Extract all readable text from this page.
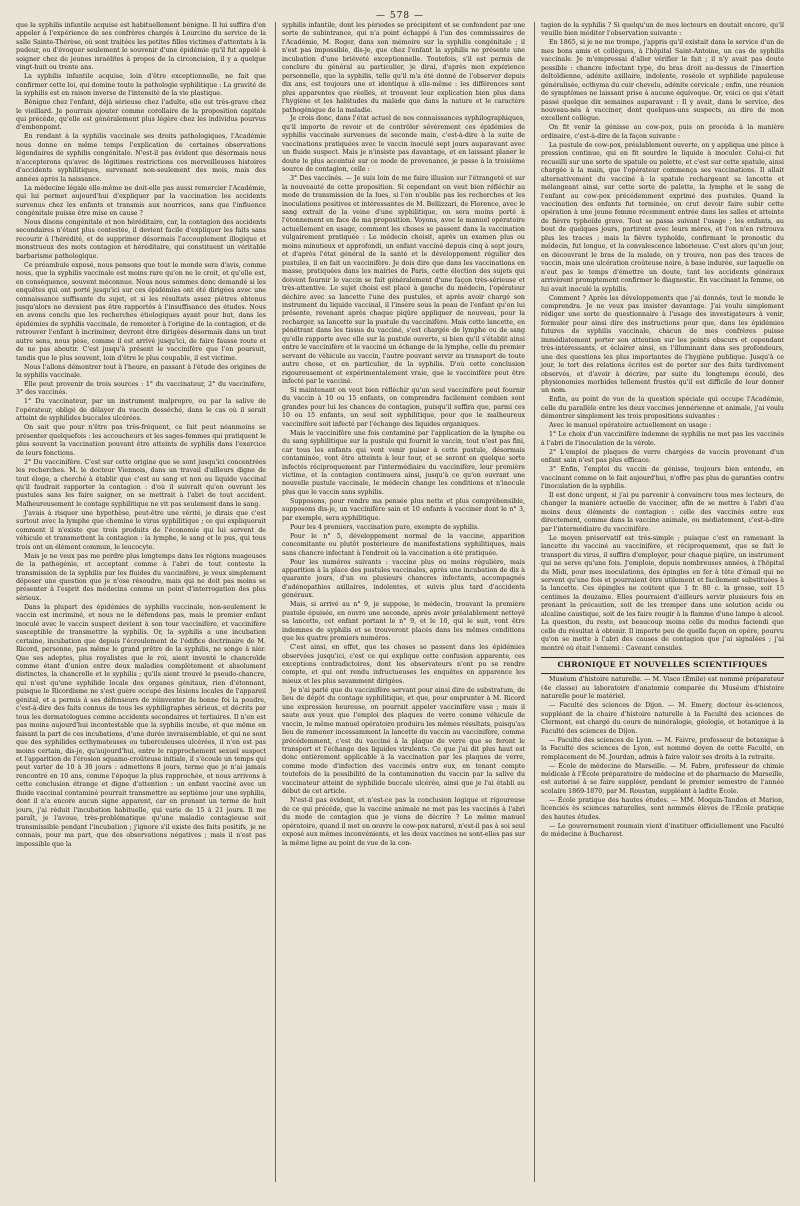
— 578 —

que la syphilis infantile acquise est habituellement bénigne. Il lui suffira d'en appeler à l'expérience de ses confrères chargés à Lourcine du service de la salle Sainte-Thérèse, où sont traitées les petites filles victimes d'attentats à la pudeur, ou d'évoquer seulement le souvenir d'une épidémie qu'il fut appelé à soigner chez de jeunes israélites à propos de la circoncision, il y a quelque vingt-huit ou trente ans.

La syphilis infantile acquise, loin d'être exceptionnelle, ne fait que confirmer cette loi, qui domine toute la pathologie syphilitique : La gravité de la syphilis est en raison inverse de l'intensité de la vie plastique.

Bénigne chez l'enfant, déjà sérieuse chez l'adulte, elle est très-grave chez le vieillard. Je pourrais ajouter comme corollaire de la proposition capitale qui précède, qu'elle est généralement plus légère chez les individus pourvus d'embonpoint.

En rendant à la syphilis vaccinale ses droits pathologiques, l'Académie nous donne en même temps l'explication de certaines observations légendaires de syphilis congénitale. N'est-il pas évident que désormais nous n'accepterons qu'avec de légitimes restrictions ces merveilleuses histoires d'accidents syphilitiques, survenant non-seulement des mois, mais des années après la naissance.

La médecine légale elle-même ne doit-elle pas aussi remercier l'Académie, qui lui permet aujourd'hui d'expliquer par la vaccination les accidents survenus chez les enfants et transmis aux nourrices, sans que l'influence congénitale puisse être mise en cause ?

Nous disons congénitale et non héréditaire, car, la contagion des accidents secondaires n'étant plus contestée, il devient facile d'expliquer les faits sans recourir à l'hérédité, et de supprimer désormais l'accouplement illogique et monstrueux des mots contagion et héréditaire, qui constituent un véritable barbarisme pathologique.

Ce préambule exposé, nous pensons que tout le monde sera d'avis, comme nous, que la syphilis vaccinale est moins rare qu'on ne le croit, et qu'elle est, en conséquence, souvent méconnue. Nous nous sommes donc demandé si les enquêtes qui ont porté jusqu'ici sur ces épidémies ont été dirigées avec une connaissance suffisante du sujet, et si les résultats assez piètres obtenus jusqu'alors ne devaient pas être rapportés à l'insuffisance des études. Nous en avons conclu que les recherches étiologiques ayant pour but, dans les épidémies de syphilis vaccinale, de remonter à l'origine de la contagion, et de retrouver l'enfant à incriminer, devront être dirigées désormais dans un tout autre sens, nous pèse, comme il est arrivé jusqu'ici, de faire fausse route et de ne pas aboutir. C'est jusqu'à présent le vaccinifère que l'on poursuit, tandis que le plus souvent, loin d'être le plus coupable, il est victime.

Nous l'allons démontrer tout à l'heure, en passant à l'étude des origines de la syphilis vaccinale.

Elle peut provenir de trois sources : 1° du vaccinateur, 2° du vaccinifère, 3° des vaccinés.

1° Du vaccinateur, par un instrument malpropre, ou par la salive de l'opérateur, obligé de délayer du vaccin desséché, dans le cas où il serait atteint de syphilides buccales ulcérées.

On sait que pour n'être pas très-fréquent, ce fait peut néanmoins se présenter quelquefois : les accoucheurs et les sages-femmes qui pratiquent le plus souvent la vaccination pouvant être atteints de syphilis dans l'exercice de leurs fonctions.

2° Du vaccinifère. C'est sur cette origine que se sont jusqu'ici concentrées les recherches. M. le docteur Viennois, dans un travail d'ailleurs digne de tout éloge, a cherché à établir que c'est au sang et non au liquide vaccinal qu'il faudrait rapporter la contagion : d'où il suivrait qu'en ouvrant les pustules sans les faire saigner, on se mettrait à l'abri de tout accident. Malheureusement le contage syphilitique ne vit pas seulement dans le sang.

J'avais à risquer une hypothèse, peut-être une vérité, je dirais que c'est surtout avec la lymphe que chemine le virus syphilitique ; ce qui expliquerait comment il n'existe que trois produits de l'économie qui lui servent de véhicule et transmettent la contagion : la lymphe, le sang et le pus, qui tous trois ont un élément commun, le leucocyte.

Mais je ne veux pas me perdre plus longtemps dans les régions nuageuses de la pathogénie, et acceptant comme à l'abri de tout conteste la transmission de la syphilis par les fluides du vaccinifère, je veux simplement déposer une question que je n'ose résoudre, mais qui ne doit pas moins se présenter à l'esprit des médecins comme un point d'interrogation des plus sérieux.

Dans la plupart des épidémies de syphilis vaccinale, non-seulement le vaccin est incriminé, et nous ne le défendons pas, mais le premier enfant inoculé avec le vaccin suspect devient à son tour vaccinifère, et vaccinifère susceptible de transmettre la syphilis. Or, la syphilis a une incubation certaine, incubation que depuis l'écroulement de l'édifice doctrinaire de M. Ricord, personne, pas même le grand prêtre de la syphilis, ne songe à nier. Que ses adeptes, plus royalistes que le roi, aient inventé le chancroïde comme étant d'union entre deux maladies complètement et absolument distinctes, la chancrelle et le syphilis ; qu'ils aient trouvé le pseudo-chancre, qui n'est qu'une syphilide locale des organes génitaux, rien d'étonnant, puisque le Ricordisme ne s'est guère occupé des lésions locales de l'appareil génital, et a permis à ses défenseurs de réinventer de bonne foi la poudre, c'est-à-dire des faits connus de tous les syphiligraphes sérieux, et décrits par tous les dermatologues comme accidents secondaires et tertiaires. Il n'en est pas moins aujourd'hui incontestable que la syphilis incube, et que même en faisant la part de ces incubations, d'une durée invraisemblable, et qui ne sont que des syphilides ecthymateuses ou tuberculeuses ulcérées, il n'en est pas moins certain, dis-je, qu'aujourd'hui, entre le rapprochement sexuel suspect et l'apparition de l'érosion squamo-croûteuse initiale, il s'écoule un temps qui peut varier de 10 à 30 jours : admettons 8 jours, terme que je n'ai jamais rencontré en 10 ans, comme l'époque la plus rapprochée, et nous arrivons à cette conclusion étrange et digne d'attention : un enfant vacciné avec un fluide vaccinal contaminé pourrait transmettre au septième jour une syphilis, dont il n'a encore aucun signe apparent, car en prenant un terme de huit jours, j'ai réduit l'incubation habituelle, qui varie de 15 à 21 jours. Il me paraît, je l'avoue, très-problématique qu'une maladie contagieuse soit transmissible pendant l'incubation ; j'ignore s'il existe des faits positifs, je ne connais, pour ma part, que des observations négatives ; mais il n'est pas impossible que la

syphilis infantile, dont les périodes se précipitent et se confondent par une sorte de subintrance, qui n'a point échappé à l'un des commissaires de l'Académie, M. Roger, dans son mémoire sur la syphilis congénitale ; il n'est pas impossible, dis-je, que chez l'enfant la syphilis ne présente une incubation d'une brièveté exceptionnelle. Toutefois, s'il est permis de conclure du général au particulier, je dirai, d'après mon expérience personnelle, que la syphilis, telle qu'il m'a été donné de l'observer depuis dix ans, est toujours une et identique à elle-même : les différences sont plus apparentes que réelles, et trouvent leur explication bien plus dans l'hygiène et les habitudes du malade que dans la nature et le caractère pathogénique de la maladie.

Je crois donc, dans l'état actuel de nos connaissances syphilographiques, qu'il importe de revoir et de contrôler sévèrement ces épidémies de syphilis vaccinale survenues de seconde main, c'est-à-dire à la suite de vaccinations pratiquées avec le vaccin inoculé sept jours auparavant avec un fluide suspect. Mais je n'insiste pas davantage, et en laissant planer le doute le plus accentué sur ce mode de provenance, je passe à la troisième source de contagion, celle :

3° Des vaccinés. — Je suis loin de me faire illusion sur l'étrangeté et sur la nouveauté de cette proposition. Si cependant on veut bien réfléchir au mode de transmission de la lues, si l'on n'oublie pas les recherches et les inoculations positives et intéressantes de M. Bellizzari, de Florence, avec le sang extrait de la veine d'une syphilitique, on sera moins porté à l'étonnement en face de ma proposition. Voyons, avec le manuel opératoire actuellement en usage, comment les choses se passent dans la vaccination vulgairement pratiquée : Le médecin choisit, après un examen plus ou moins minutieux et approfondi, un enfant vacciné depuis cinq à sept jours, et d'après l'état général de la santé et le développement régulier des pustules, il en fait un vaccinifère. Je dois dire que dans les vaccinations en masse, pratiquées dans les mairies de Paris, cette élection des sujets qui doivent fournir le vaccin se fait généralement d'une façon très-sérieuse et très-attentive. Le sujet choisi est placé à gauche du médecin, l'opérateur déchire avec sa lancette l'une des pustules, et après avoir chargé son instrument du liquide vaccinal, il l'insère sous la peau de l'enfant qu'on lui présente, revenant après chaque piqûre appliquer de nouveau, pour la recharger, sa lancette sur la pustule du vaccinifère. Mais cette lancette, en pénétrant dans les tissus du vacciné, s'est chargée de lymphe ou de sang qu'elle rapporte avec elle sur la pustule ouverte, si bien qu'il s'établit ainsi entre le vaccinifère et le vacciné un échange de la lymphe, celle du premier servant de véhicule au vaccin, l'autre pouvant servir au transport de toute autre chose, et en particulier, de la syphilis. D'où cette conclusion rigoureusement et expérimentalement vraie, que le vaccinifère peut être infecté par le vacciné.

Si maintenant on veut bien réfléchir qu'un seul vaccinifère peut fournir du vaccin à 10 ou 15 enfants, on comprendra facilement combien sont grandes pour lui les chances de contagion, puisqu'il suffira que, parmi ces 10 ou 15 enfants, un seul soit syphilitique, pour que le malheureux vaccinifère soit infecté par l'échange des liquides organiques.

Mais le vaccinifère une fois contaminé par l'application de la lymphe ou du sang syphilitique sur la pustule qui fournit le vaccin, tout n'est pas fini, car tous les enfants qui vont venir puiser à cette pustule, désormais contaminée, vont être atteints à leur tour, et se seront en quelque sorte infectés réciproquement par l'intermédiaire du vaccinifère, leur première victime, et la contagion continuera ainsi, jusqu'à ce qu'on ouvrant une nouvelle pustule vaccinale, le médecin change les conditions et n'inocule plus que le vaccin sans syphilis.

Supposons, pour rendre ma pensée plus nette et plus compréhensible, supposons dis-je, un vaccinifère sain et 10 enfants à vacciner dont le n° 3, par exemple, sera syphilitique.

Pour les 4 premiers, vaccination pure, exempte de syphilis.

Pour le n° 5, développement normal de la vaccine, apparition concomitante ou plutôt postérieure de manifestations syphilitiques, mais sans chancre infectant à l'endroit où la vaccination a été pratiquée.

Pour les numéros suivants : vaccine plus ou moins régulière, mais apparition à la place des pustules vaccinales, après une incubation de dix à quarante jours, d'un ou plusieurs chancres infectants, accompagnés d'adénopathies axillaires, indolentes, et suivis plus tard d'accidents généraux.

Mais, si arrivé au n° 9, je suppose, le médecin, trouvant la première pustule épuisée, en ouvre une seconde, après avoir préalablement nettoyé sa lancette, cet enfant portant le n° 9, et le 10, qui le suit, vont être indemnes de syphilis et se trouveront placés dans les mêmes conditions que les quatre premiers numéros.

C'est ainsi, en effet, que les choses se passent dans les épidémies observées jusqu'ici, c'est ce qui explique cette confusion apparente, ces exceptions contradictoires, dont les observateurs n'ont pu se rendre compte, et qui ont rendu infructueuses les enquêtes en apparence les mieux et les plus savamment dirigées.

Je n'ai parlé que du vaccinifère servant pour ainsi dire de substratum, de lieu de dépôt du contage syphilitique, et que, pour emprunter à M. Ricord une expression heureuse, on pourrait appeler vaccinifère vase ; mais il saute aux yeux que l'emploi des plaques de verre comme véhicule de vaccin, le même manuel opératoire produira les mêmes résultats, puisqu'au lieu de ramener incessamment la lancette du vaccin au vaccinifère, comme précédemment, c'est du vacciné à la plaque de verre que se feront le transport et l'échange des liquides virulents. Ce que j'ai dit plus haut est donc entièrement applicable à la vaccination par les plaques de verre, comme mode d'infection des vaccinés entre eux, en tenant compte toutefois de la possibilité de la contamination du vaccin par la salive du vaccinateur atteint de syphilide buccale ulcérée, ainsi que je l'ai établi au début de cet article.

N'est-il pas évident, et n'est-ce pas la conclusion logique et rigoureuse de ce qui précède, que la vaccine animale ne met pas les vaccinés à l'abri du mode de contagion que je viens de décrire ? Le même manuel opératoire, quand il met en œuvre le cow-pox naturel, n'est-il pas à soi seul exposé aux mêmes inconvénients, et les deux vaccines ne sont-elles pas sur la même ligne au point de vue de la con-

tagion de la syphilis ? Si quelqu'un de mes lecteurs en doutait encore, qu'il veuille bien méditer l'observation suivante :

En 1865, si je ne me trompe, j'appris qu'il existait dans le service d'un de mes bons amis et collègues, à l'hôpital Saint-Antoine, un cas de syphilis vaccinale. Je m'empressai d'aller vérifier le fait ; il n'y avait pas doute possible : chancre infectant type, du bras droit au-dessus de l'insertion deltoïdienne, adénite axillaire, indolente, roséole et syphilide papuleuse généralisée, ecthyma du cuir chevelu, adénite cervicale ; enfin, une réunion de symptômes ne laissant prise à aucune équivoque. Or, voici ce qui s'était passé quelque dix semaines auparavant : Il y avait, dans le service, des nouveau-nés à vacciner, dont quelques-uns suspects, au dire de mon excellent collègue.

On fit venir la génisse au cow-pox, puis on procéda à la manière ordinaire, c'est-à-dire de la façon suivante :

La pustule de cow-pox, préalablement ouverte, on y appliqua une pince à pression continue, qui en fit sourdre le liquide à inoculer. Celui-ci fut recueilli sur une sorte de spatule ou palette, et c'est sur cette spatule, ainsi chargée à la main, que l'opérateur commença ses vaccinations. Il allait alternativement du vacciné à la spatule rechargeant sa lancette et mélangeant ainsi, sur cette sorte de palette, la lymphe et le sang de l'enfant au cow-pox précédemment exprimé des pustules. Quand la vaccination des enfants fut terminée, on crut devoir faire subir cette opération à une jeune femme récemment entrée dans les salles et atteinte de fièvre typhoïde grave. Tout se passa suivant l'usage ; les enfants, au bout de quelques jours, partirent avec leurs mères, et l'on n'en retrouva plus les traces ; mais la fièvre typhoïde, confirmant le pronostic du médecin, fut longue, et la convalescence laborieuse. C'est alors qu'un jour, en découvrant le bras de la malade, on y trouva, non pas des traces de vaccin, mais une ulcération croûteuse noire, à base indurée, sur laquelle on n'eut pas le temps d'émettre un doute, tant les accidents généraux arrivèrent promptement confirmer le diagnostic. En vaccinant la femme, on lui avait inoculé la syphilis.

Comment ? Après les développements que j'ai donnés, tout le monde le comprendra. Je ne veux pas insister davantage. J'ai voulu simplement rédiger une sorte de questionnaire à l'usage des investigateurs à venir, formuler pour ainsi dire des instructions pour que, dans les épidémies futures de syphilis vaccinale, chacun de mes confrères puisse immédiatement porter son attention sur les points obscurs et cependant très-intéressants, et éclairer ainsi, en l'illuminant dans ses profondeurs, une des questions les plus importantes de l'hygiène publique. Jusqu'à ce jour, le tort des relations écrites est de porter sur des faits tardivement observés, et d'avoir à décrire, par suite du longtemps écoulé, des physionomies morbides tellement frustes qu'il est difficile de leur donner un nom.

Enfin, au point de vue de la question spéciale qui occupe l'Académie, celle du parallèle entre les deux vaccines jennérienne et animale, j'ai voulu démontrer simplement les trois propositions suivantes :

Avec le manuel opératoire actuellement en usage :

1° Le choix d'un vaccinifère indemne de syphilis ne met pas les vaccinés à l'abri de l'inoculation de la vérole.

2° L'emploi de plaques de verre chargées de vaccin provenant d'un enfant sain n'est pas plus efficace.

3° Enfin, l'emploi du vaccin de génisse, toujours bien entendu, en vaccinant comme on le fait aujourd'hui, n'offre pas plus de garanties contre l'inoculation de la syphilis.

Il est donc urgent, si j'ai pu parvenir à convaincre tous mes lecteurs, de changer la manière actuelle de vacciner, afin de se mettre à l'abri d'au moins deux éléments de contagion : celle des vaccinés entre eux directement, comme dans la vaccine animale, ou médiatement, c'est-à-dire par l'intermédiaire du vaccinifère.

Le moyen préservatif est très-simple ; puisque c'est en ramenant la lancette du vacciné au vaccinifère, et réciproquement, que se fait le transport du virus, il suffira d'employer, pour chaque piqûre, un instrument qui ne serve qu'une fois. J'emploie, depuis nombreuses années, à l'hôpital du Midi, pour mes inoculations, des épingles en fer à tête d'émail qui ne servent qu'une fois et pourraient être utilement et facilement substituées à la lancette. Ces épingles ne coûtent que 1 fr. 80 c. la grosse, soit 15 centimes la douzaine. Elles pourraient d'ailleurs servir plusieurs fois en prenant la précaution, soit de les tremper dans une solution acide ou alcaline caustique, soit de les faire rougir à la flamme d'une lampe à alcool. La question, du reste, est beaucoup moins celle du modus faciendi que celle du résultat à obtenir. Il importe peu de quelle façon on opère, pourvu qu'on se mette à l'abri des causes de contagion que j'ai signalées ; j'ai montré où était l'ennemi : Caveant consules.

CHRONIQUE ET NOUVELLES SCIENTIFIQUES

Muséum d'histoire naturelle. — M. Visco (Émile) est nommé préparateur (4e classe) au laboratoire d'anatomie comparée du Muséum d'histoire naturelle pour le matériel.

— Faculté des sciences de Dijon. — M. Emery, docteur ès-sciences, suppléant de la chaire d'histoire naturelle à la Faculté des sciences de Clermont, est chargé du cours de minéralogie, géologie, et botanique à la Faculté des sciences de Dijon.

— Faculté des sciences de Lyon. — M. Faivre, professeur de botanique à la Faculté des sciences de Lyon, est nommé doyen de cette Faculté, en remplacement de M. Jourdan, admis à faire valoir ses droits à la retraite.

— École de médecine de Marseille. — M. Fabre, professeur de chimie médicale à l'École préparatoire de médecine et de pharmacie de Marseille, est autorisé à se faire suppléer, pendant le premier semestre de l'année scolaire 1869-1870, par M. Roustan, suppléant à ladite École.

— École pratique des hautes études. — MM. Moquin-Tandon et Marion, licenciés ès sciences naturelles, sont nommés élèves de l'École pratique des hautes études.

— Le gouvernement roumain vient d'instituer officiellement une Faculté de médecine à Bucharest.
